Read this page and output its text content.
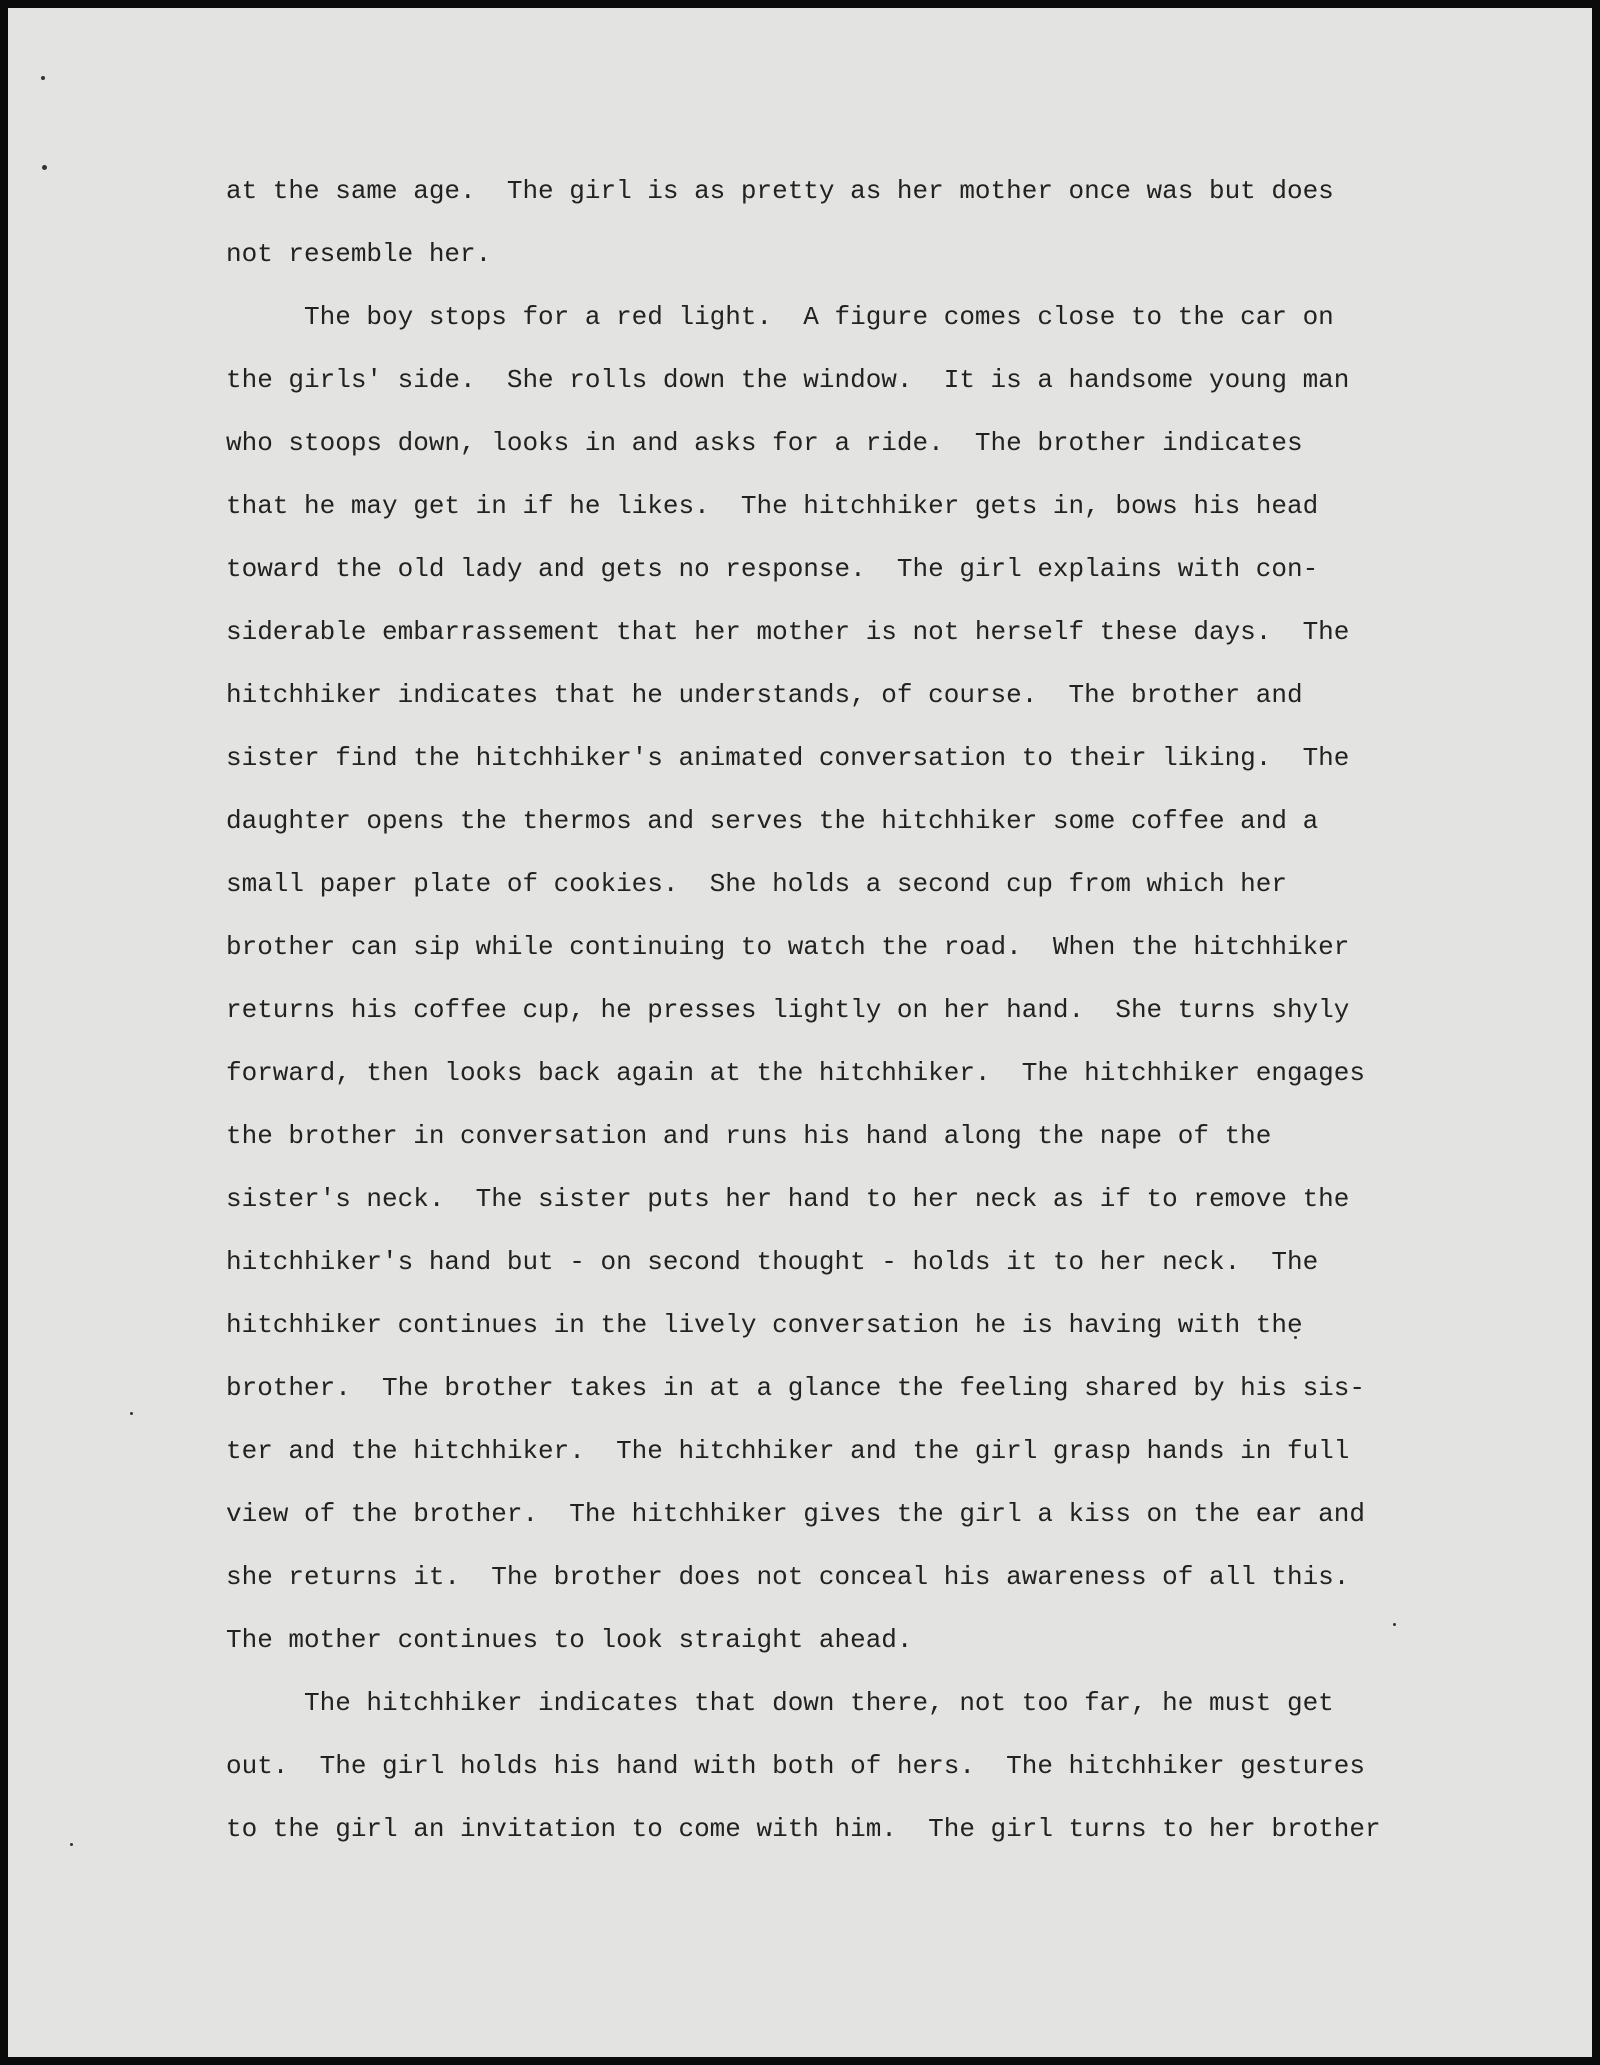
at the same age.  The girl is as pretty as her mother once was but does
not resemble her.
The boy stops for a red light.  A figure comes close to the car on
the girls' side.  She rolls down the window.  It is a handsome young man
who stoops down, looks in and asks for a ride.  The brother indicates
that he may get in if he likes.  The hitchhiker gets in, bows his head
toward the old lady and gets no response.  The girl explains with con-
siderable embarrassement that her mother is not herself these days.  The
hitchhiker indicates that he understands, of course.  The brother and
sister find the hitchhiker's animated conversation to their liking.  The
daughter opens the thermos and serves the hitchhiker some coffee and a
small paper plate of cookies.  She holds a second cup from which her
brother can sip while continuing to watch the road.  When the hitchhiker
returns his coffee cup, he presses lightly on her hand.  She turns shyly
forward, then looks back again at the hitchhiker.  The hitchhiker engages
the brother in conversation and runs his hand along the nape of the
sister's neck.  The sister puts her hand to her neck as if to remove the
hitchhiker's hand but - on second thought - holds it to her neck.  The
hitchhiker continues in the lively conversation he is having with the
brother.  The brother takes in at a glance the feeling shared by his sis-
ter and the hitchhiker.  The hitchhiker and the girl grasp hands in full
view of the brother.  The hitchhiker gives the girl a kiss on the ear and
she returns it.  The brother does not conceal his awareness of all this.
The mother continues to look straight ahead.
The hitchhiker indicates that down there, not too far, he must get
out.  The girl holds his hand with both of hers.  The hitchhiker gestures
to the girl an invitation to come with him.  The girl turns to her brother
